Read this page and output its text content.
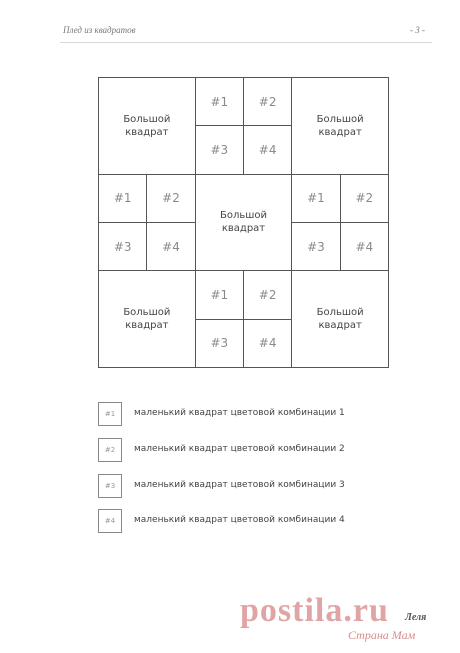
Плед из квадратов	- 3 -
Большой
квадрат
Большой
квадрат
Большой
квадрат
Большой
квадрат
Большой
квадрат
#1	#2
#3	#4
#1	#2
#3	#4
#1	#2
#3	#4
#1	#2
#3	#4
#1	маленький квадрат цветовой комбинации 1
#2	маленький квадрат цветовой комбинации 2
#3	маленький квадрат цветовой комбинации 3
#4	маленький квадрат цветовой комбинации 4
postila.ru
Страна Мам
Леля
